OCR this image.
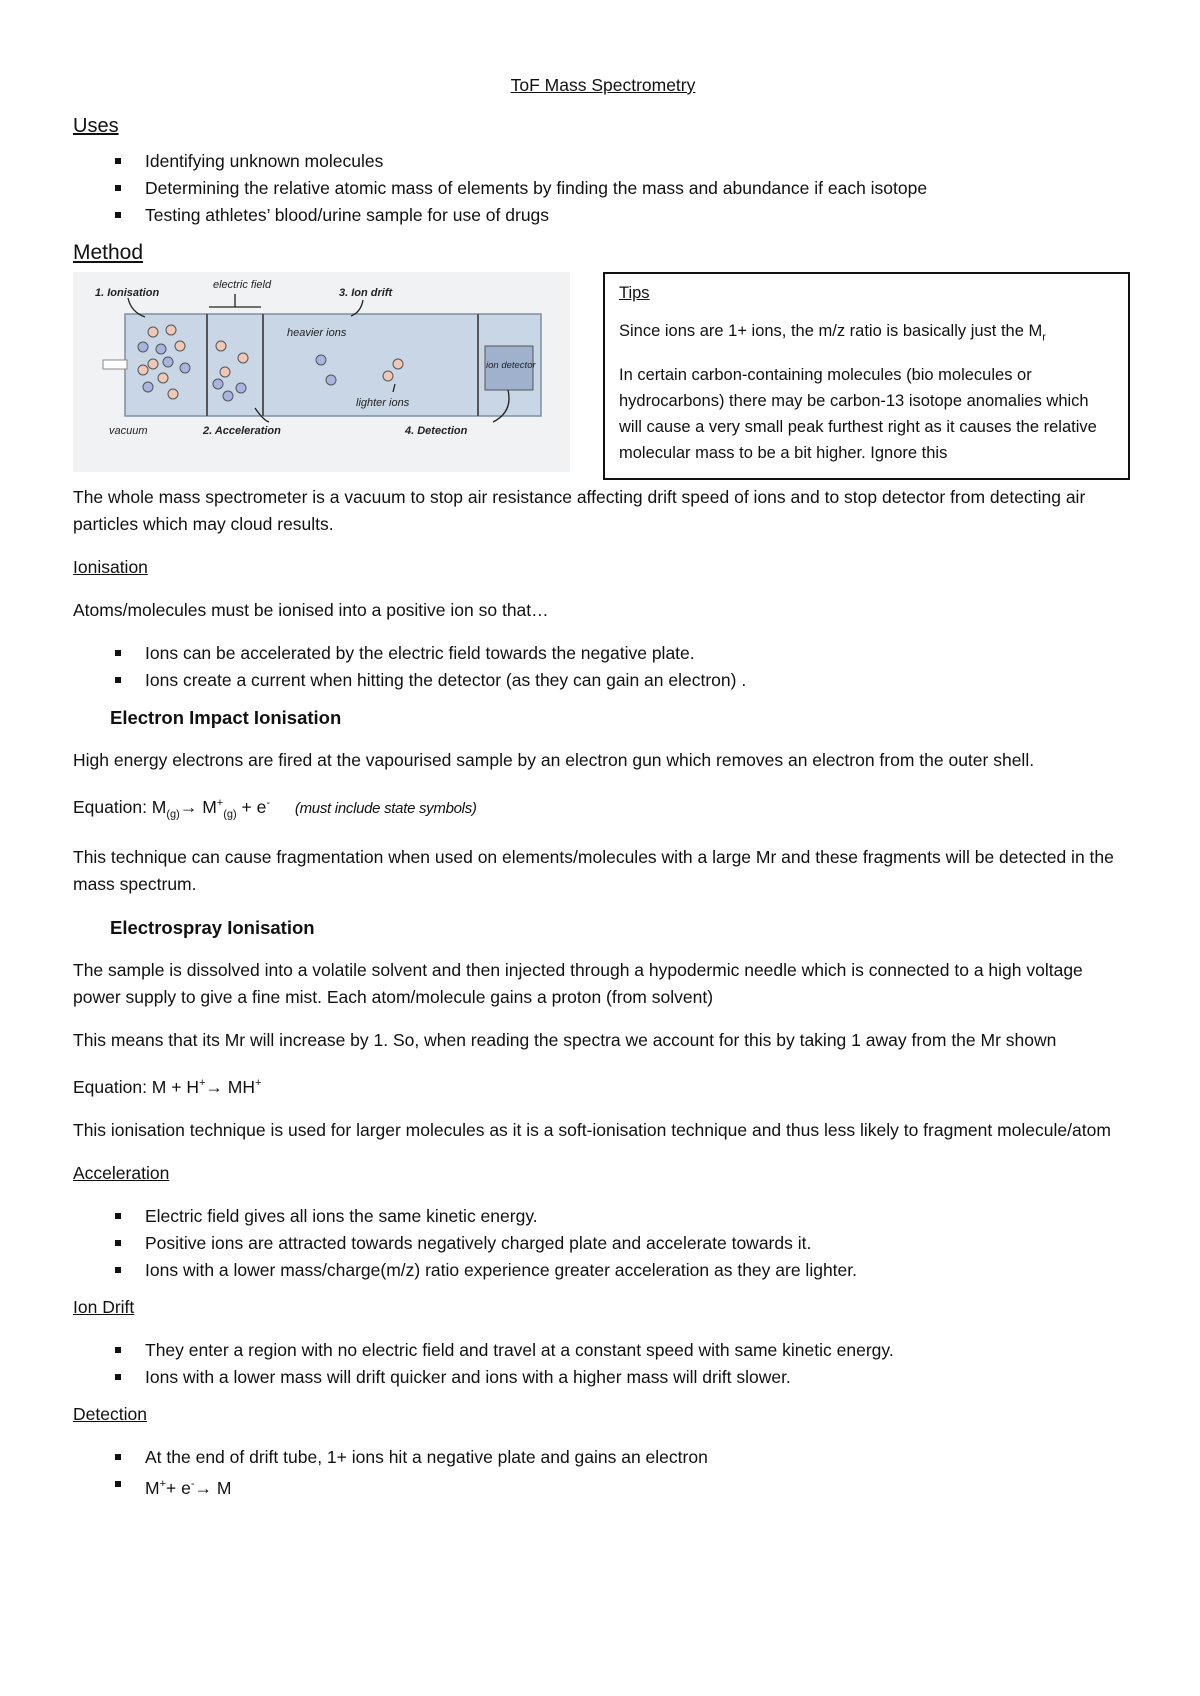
ToF Mass Spectrometry
Uses
Identifying unknown molecules
Determining the relative atomic mass of elements by finding the mass and abundance if each isotope
Testing athletes’ blood/urine sample for use of drugs
Method
1. Ionisation
electric field
3. Ion drift
heavier ions
lighter ions
ion detector
vacuum	2. Acceleration	4. Detection
Tips

Since ions are 1+ ions, the m/z ratio is basically just the $M_r$

In certain carbon-containing molecules (bio molecules or hydrocarbons) there may be carbon-13 isotope anomalies which will cause a very small peak furthest right as it causes the relative molecular mass to be a bit higher. Ignore this

The whole mass spectrometer is a vacuum to stop air resistance affecting drift speed of ions and to stop detector from detecting air particles which may cloud results.

Ionisation

Atoms/molecules must be ionised into a positive ion so that…

Ions can be accelerated by the electric field towards the negative plate.
Ions create a current when hitting the detector (as they can gain an electron) .
Electron Impact Ionisation

High energy electrons are fired at the vapourised sample by an electron gun which removes an electron from the outer shell.

Equation: $M_{(g)}\to M^+_{(g)} + e^-$ (must include state symbols)

This technique can cause fragmentation when used on elements/molecules with a large Mr and these fragments will be detected in the mass spectrum.

Electrospray Ionisation

The sample is dissolved into a volatile solvent and then injected through a hypodermic needle which is connected to a high voltage power supply to give a fine mist. Each atom/molecule gains a proton (from solvent)

This means that its Mr will increase by 1. So, when reading the spectra we account for this by taking 1 away from the Mr shown

Equation: M + H+→ MH+

This ionisation technique is used for larger molecules as it is a soft-ionisation technique and thus less likely to fragment molecule/atom

Acceleration
Electric field gives all ions the same kinetic energy.
Positive ions are attracted towards negatively charged plate and accelerate towards it.
Ions with a lower mass/charge(m/z) ratio experience greater acceleration as they are lighter.
Ion Drift
They enter a region with no electric field and travel at a constant speed with same kinetic energy.
Ions with a lower mass will drift quicker and ions with a higher mass will drift slower.
Detection
At the end of drift tube, 1+ ions hit a negative plate and gains an electron
M++ e-→ M
